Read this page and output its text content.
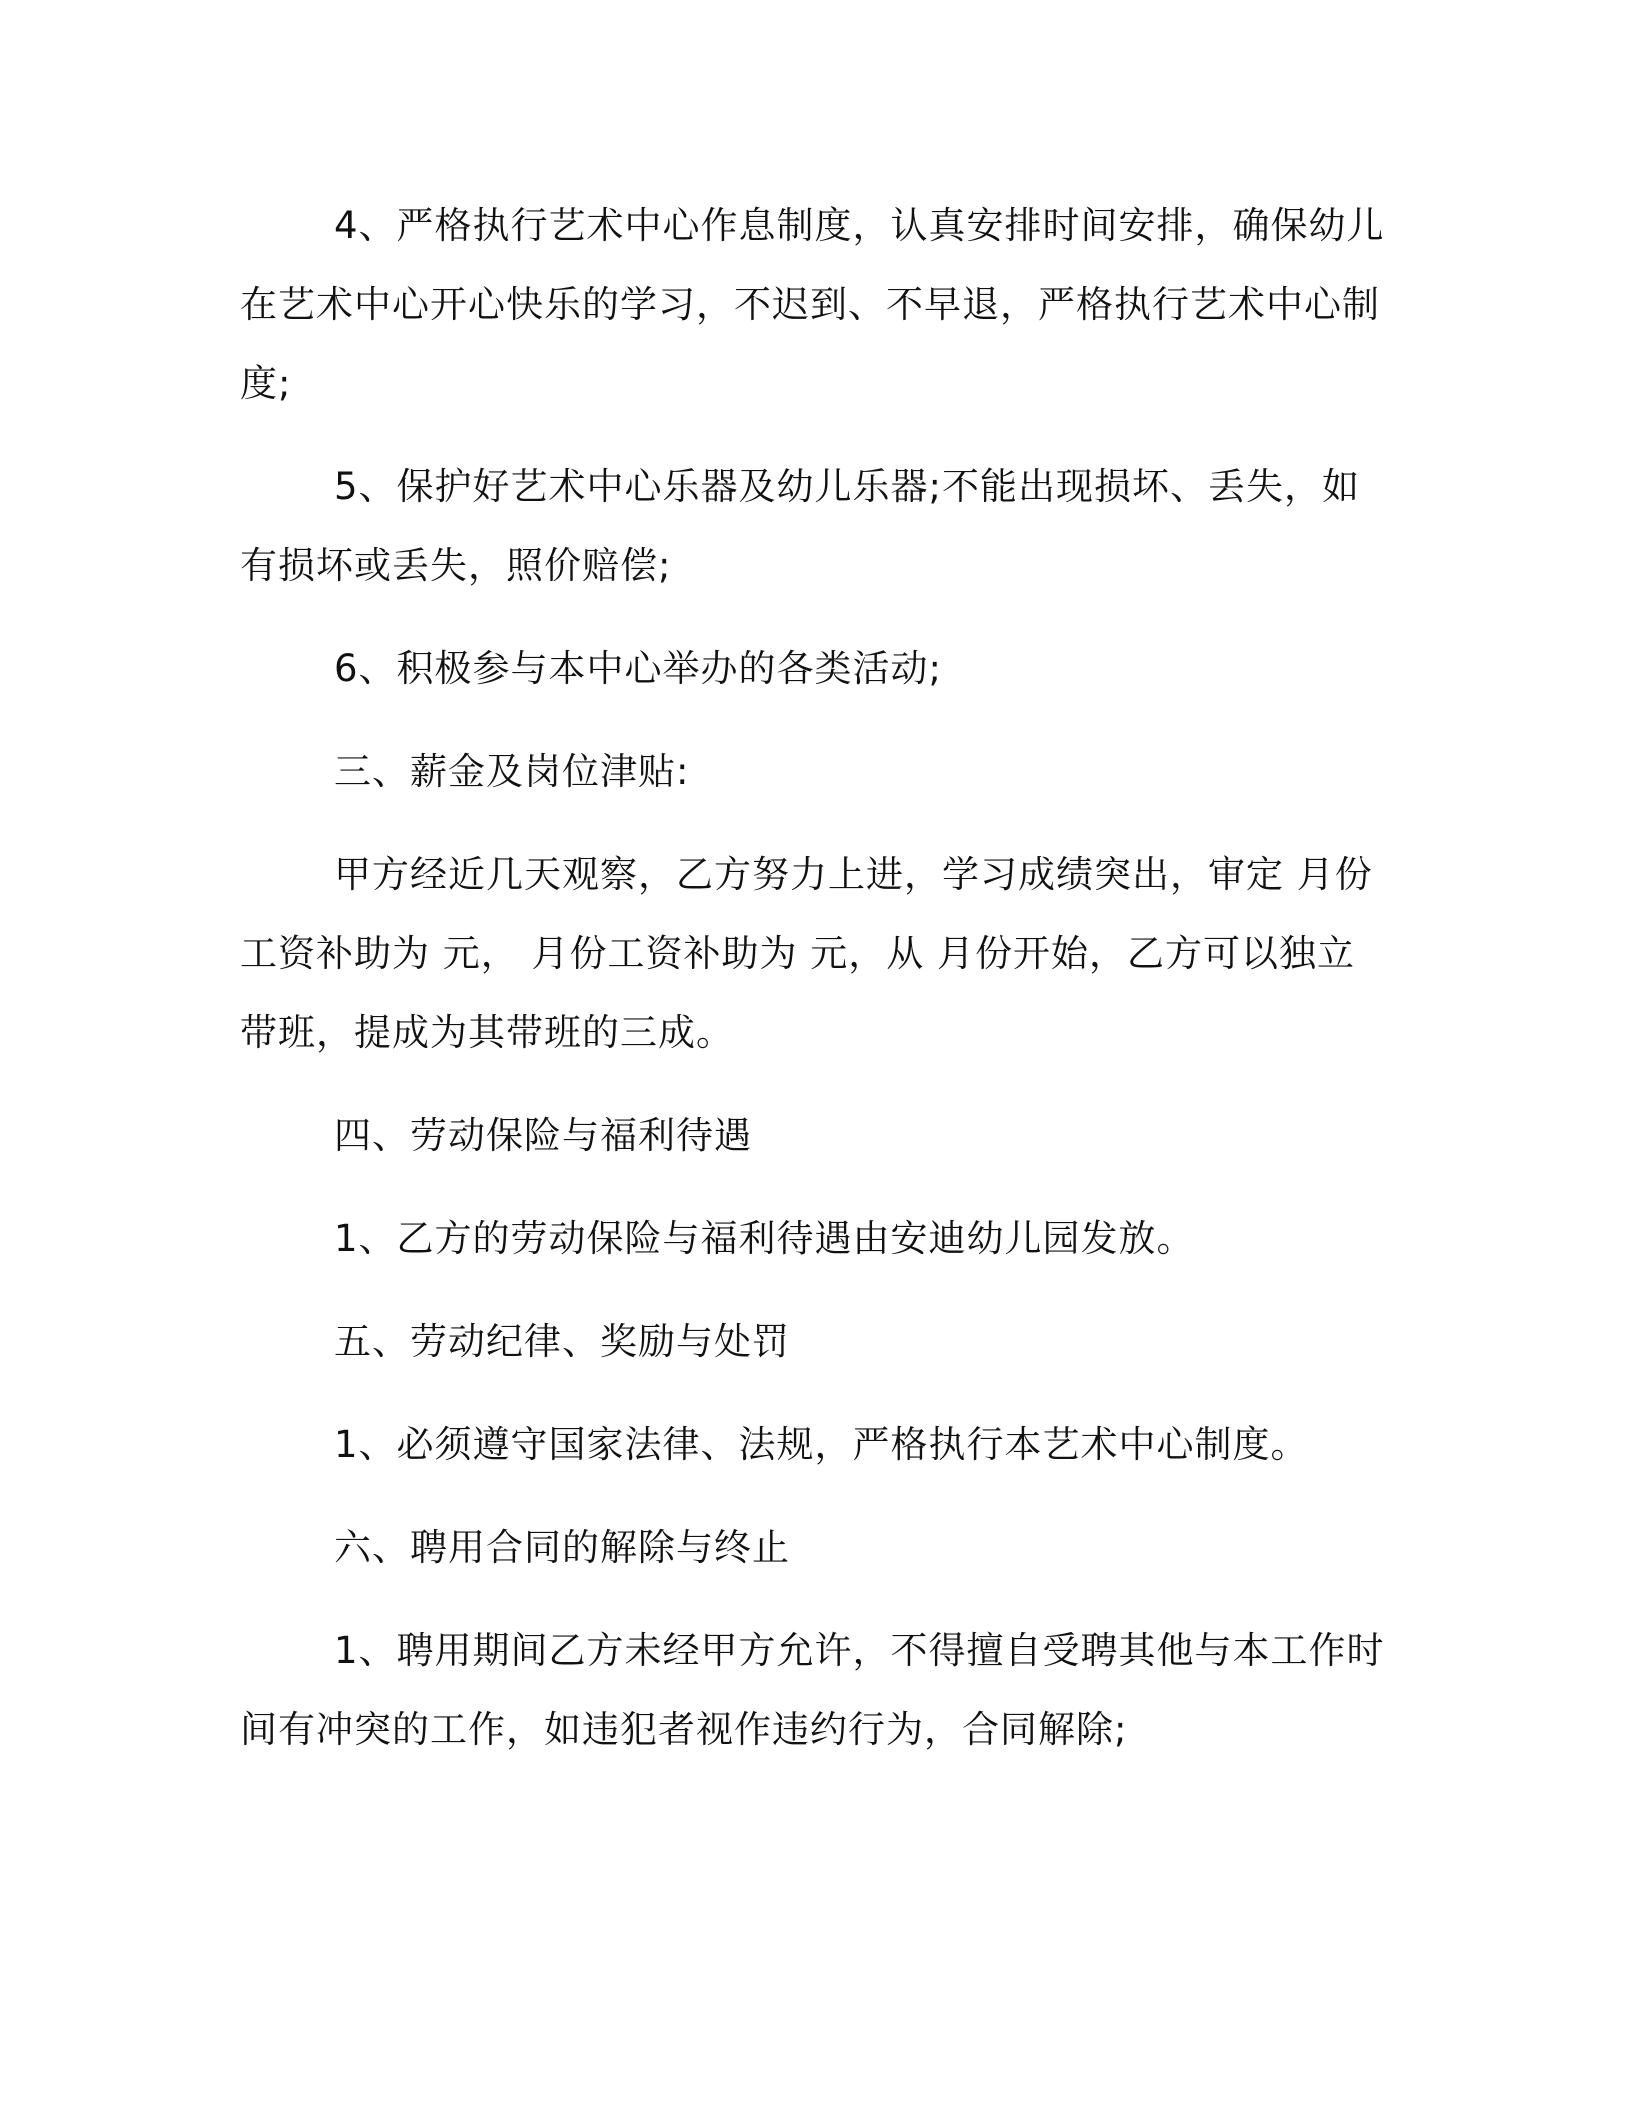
4、严格执行艺术中心作息制度，认真安排时间安排，确保幼儿在艺术中心开心快乐的学习，不迟到、不早退，严格执行艺术中心制度;

5、保护好艺术中心乐器及幼儿乐器;不能出现损坏、丢失，如有损坏或丢失，照价赔偿;

6、积极参与本中心举办的各类活动;

三、薪金及岗位津贴:

甲方经近几天观察，乙方努力上进，学习成绩突出，审定 月份工资补助为 元， 月份工资补助为 元，从 月份开始，乙方可以独立带班，提成为其带班的三成。

四、劳动保险与福利待遇

1、乙方的劳动保险与福利待遇由安迪幼儿园发放。

五、劳动纪律、奖励与处罚

1、必须遵守国家法律、法规，严格执行本艺术中心制度。

六、聘用合同的解除与终止

1、聘用期间乙方未经甲方允许，不得擅自受聘其他与本工作时间有冲突的工作，如违犯者视作违约行为，合同解除;
